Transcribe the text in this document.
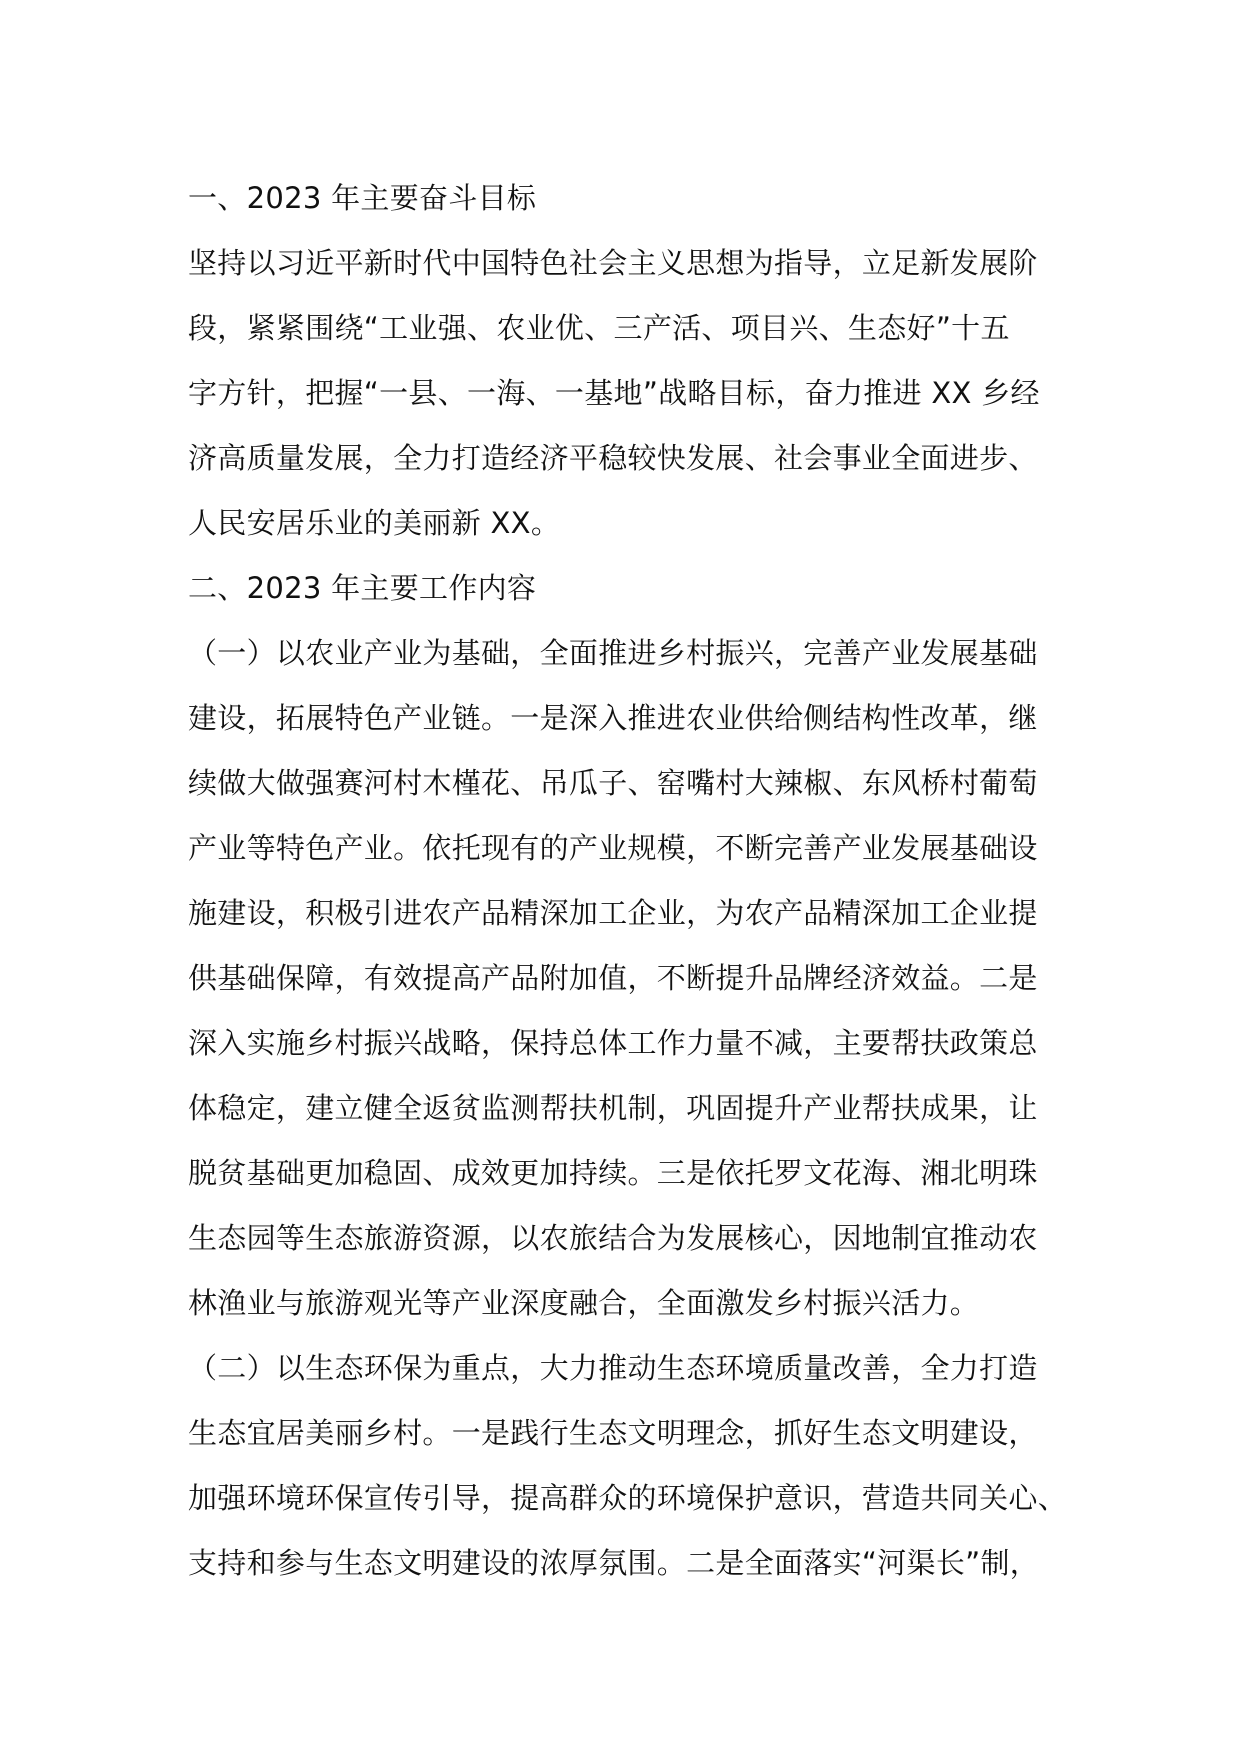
一、2023 年主要奋斗目标
坚持以习近平新时代中国特色社会主义思想为指导，立足新发展阶
段，紧紧围绕“工业强、农业优、三产活、项目兴、生态好”十五
字方针，把握“一县、一海、一基地”战略目标，奋力推进 XX 乡经
济高质量发展，全力打造经济平稳较快发展、社会事业全面进步、
人民安居乐业的美丽新 XX。
二、2023 年主要工作内容
（一）以农业产业为基础，全面推进乡村振兴，完善产业发展基础
建设，拓展特色产业链。一是深入推进农业供给侧结构性改革，继
续做大做强赛河村木槿花、吊瓜子、窑嘴村大辣椒、东风桥村葡萄
产业等特色产业。依托现有的产业规模，不断完善产业发展基础设
施建设，积极引进农产品精深加工企业，为农产品精深加工企业提
供基础保障，有效提高产品附加值，不断提升品牌经济效益。二是
深入实施乡村振兴战略，保持总体工作力量不减，主要帮扶政策总
体稳定，建立健全返贫监测帮扶机制，巩固提升产业帮扶成果，让
脱贫基础更加稳固、成效更加持续。三是依托罗文花海、湘北明珠
生态园等生态旅游资源，以农旅结合为发展核心，因地制宜推动农
林渔业与旅游观光等产业深度融合，全面激发乡村振兴活力。
（二）以生态环保为重点，大力推动生态环境质量改善，全力打造
生态宜居美丽乡村。一是践行生态文明理念，抓好生态文明建设，
加强环境环保宣传引导，提高群众的环境保护意识，营造共同关心、
支持和参与生态文明建设的浓厚氛围。二是全面落实“河渠长”制，
